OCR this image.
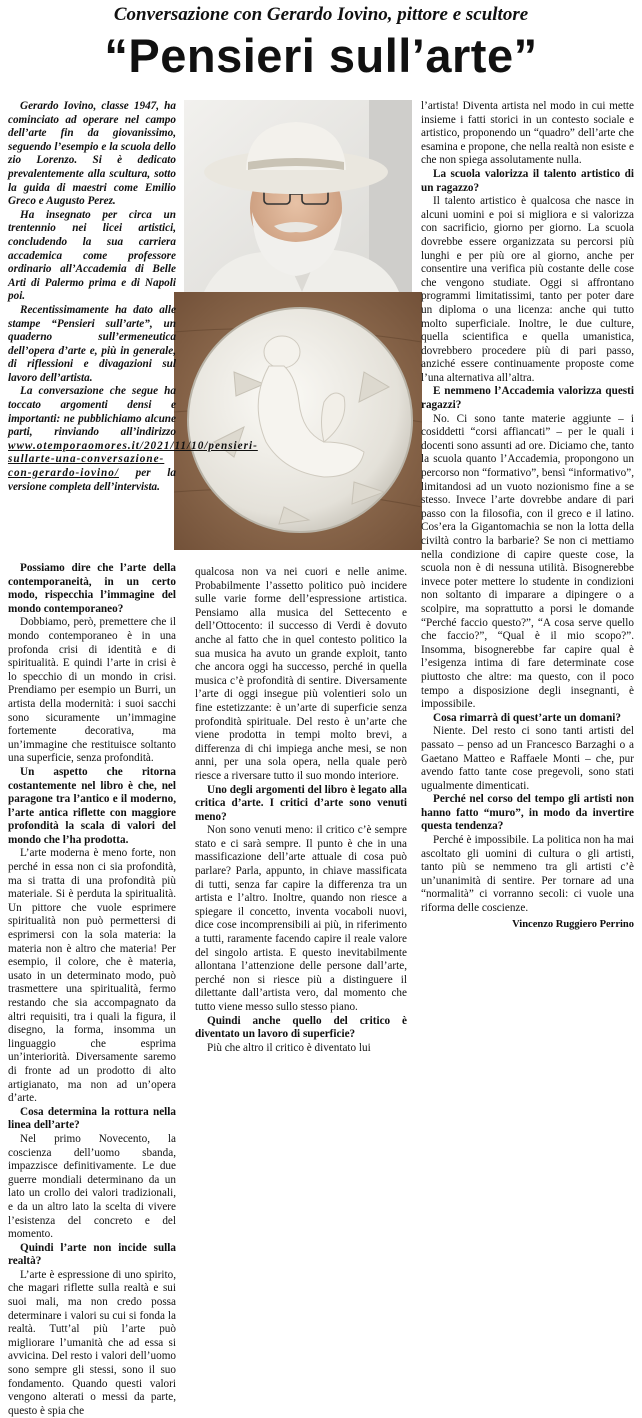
Conversazione con Gerardo Iovino, pittore e scultore
“Pensieri sull’arte”

Gerardo Iovino, classe 1947, ha cominciato ad operare nel campo dell’arte fin da giovanissimo, seguendo l’esempio e la scuola dello zio Lorenzo. Si è dedicato prevalentemente alla scultura, sotto la guida di maestri come Emilio Greco e Augusto Perez.

Ha insegnato per circa un trentennio nei licei artistici, concludendo la sua carriera accademica come professore ordinario all’Accademia di Belle Arti di Palermo prima e di Napoli poi.

Recentissimamente ha dato alle stampe “Pensieri sull’arte”, un quaderno sull’ermeneutica dell’opera d’arte e, più in generale, di riflessioni e divagazioni sul lavoro dell’artista.

La conversazione che segue ha toccato argomenti densi e importanti: ne pubblichiamo alcune parti, rinviando all’indirizzo www.otemporaomores.it/2021/11/10/pensieri-sullarte-una-conversazione-con-gerardo-iovino/ per la versione completa dell’intervista.

Possiamo dire che l’arte della contemporaneità, in un certo modo, rispecchia l’immagine del mondo contemporaneo?

Dobbiamo, però, premettere che il mondo contemporaneo è in una profonda crisi di identità e di spiritualità. E quindi l’arte in crisi è lo specchio di un mondo in crisi. Prendiamo per esempio un Burri, un artista della modernità: i suoi sacchi sono sicuramente un’immagine fortemente decorativa, ma un’immagine che restituisce soltanto una superficie, senza profondità.

Un aspetto che ritorna costantemente nel libro è che, nel paragone tra l’antico e il moderno, l’arte antica riflette con maggiore profondità la scala di valori del mondo che l’ha prodotta.

L’arte moderna è meno forte, non perché in essa non ci sia profondità, ma si tratta di una profondità più materiale. Si è perduta la spiritualità. Un pittore che vuole esprimere spiritualità non può permettersi di esprimersi con la sola materia: la materia non è altro che materia! Per esempio, il colore, che è materia, usato in un determinato modo, può trasmettere una spiritualità, fermo restando che sia accompagnato da altri requisiti, tra i quali la figura, il disegno, la forma, insomma un linguaggio che esprima un’interiorità. Diversamente saremo di fronte ad un prodotto di alto artigianato, ma non ad un’opera d’arte.

Cosa determina la rottura nella linea dell’arte?

Nel primo Novecento, la coscienza dell’uomo sbanda, impazzisce definitivamente. Le due guerre mondiali determinano da un lato un crollo dei valori tradizionali, e da un altro lato la scelta di vivere l’esistenza del concreto e del momento.

Quindi l’arte non incide sulla realtà?

L’arte è espressione di uno spirito, che magari riflette sulla realtà e sui suoi mali, ma non credo possa determinare i valori su cui si fonda la realtà. Tutt’al più l’arte può migliorare l’umanità che ad essa si avvicina. Del resto i valori dell’uomo sono sempre gli stessi, sono il suo fondamento. Quando questi valori vengono alterati o messi da parte, questo è spia che

qualcosa non va nei cuori e nelle anime. Probabilmente l’assetto politico può incidere sulle varie forme dell’espressione artistica. Pensiamo alla musica del Settecento e dell’Ottocento: il successo di Verdi è dovuto anche al fatto che in quel contesto politico la sua musica ha avuto un grande exploit, tanto che ancora oggi ha successo, perché in quella musica c’è profondità di sentire. Diversamente l’arte di oggi insegue più volentieri solo un fine estetizzante: è un’arte di superficie senza profondità spirituale. Del resto è un’arte che viene prodotta in tempi molto brevi, a differenza di chi impiega anche mesi, se non anni, per una sola opera, nella quale però riesce a riversare tutto il suo mondo interiore.

Uno degli argomenti del libro è legato alla critica d’arte. I critici d’arte sono venuti meno?

Non sono venuti meno: il critico c’è sempre stato e ci sarà sempre. Il punto è che in una massificazione dell’arte attuale di cosa può parlare? Parla, appunto, in chiave massificata di tutti, senza far capire la differenza tra un artista e l’altro. Inoltre, quando non riesce a spiegare il concetto, inventa vocaboli nuovi, dice cose incomprensibili ai più, in riferimento a tutti, raramente facendo capire il reale valore del singolo artista. E questo inevitabilmente allontana l’attenzione delle persone dall’arte, perché non si riesce più a distinguere il dilettante dall’artista vero, dal momento che tutto viene messo sullo stesso piano.

Quindi anche quello del critico è diventato un lavoro di superficie?

Più che altro il critico è diventato lui

l’artista! Diventa artista nel modo in cui mette insieme i fatti storici in un contesto sociale e artistico, proponendo un “quadro” dell’arte che esamina e propone, che nella realtà non esiste e che non spiega assolutamente nulla.

La scuola valorizza il talento artistico di un ragazzo?

Il talento artistico è qualcosa che nasce in alcuni uomini e poi si migliora e si valorizza con sacrificio, giorno per giorno. La scuola dovrebbe essere organizzata su percorsi più lunghi e per più ore al giorno, anche per consentire una verifica più costante delle cose che vengono studiate. Oggi si affrontano programmi limitatissimi, tanto per poter dare un diploma o una licenza: anche qui tutto molto superficiale. Inoltre, le due culture, quella scientifica e quella umanistica, dovrebbero procedere più di pari passo, anziché essere continuamente proposte come l’una alternativa all’altra.

E nemmeno l’Accademia valorizza questi ragazzi?

No. Ci sono tante materie aggiunte – i cosiddetti “corsi affiancati” – per le quali i docenti sono assunti ad ore. Diciamo che, tanto la scuola quanto l’Accademia, propongono un percorso non “formativo”, bensì “informativo”, limitandosi ad un vuoto nozionismo fine a se stesso. Invece l’arte dovrebbe andare di pari passo con la filosofia, con il greco e il latino. Cos’era la Gigantomachia se non la lotta della civiltà contro la barbarie? Se non ci mettiamo nella condizione di capire queste cose, la scuola non è di nessuna utilità. Bisognerebbe invece poter mettere lo studente in condizioni non soltanto di imparare a dipingere o a scolpire, ma soprattutto a porsi le domande “Perché faccio questo?”, “A cosa serve quello che faccio?”, “Qual è il mio scopo?”. Insomma, bisognerebbe far capire qual è l’esigenza intima di fare determinate cose piuttosto che altre: ma questo, con il poco tempo a disposizione degli insegnanti, è impossibile.

Cosa rimarrà di quest’arte un domani?

Niente. Del resto ci sono tanti artisti del passato – penso ad un Francesco Barzaghi o a Gaetano Matteo e Raffaele Monti – che, pur avendo fatto tante cose pregevoli, sono stati ugualmente dimenticati.

Perché nel corso del tempo gli artisti non hanno fatto “muro”, in modo da invertire questa tendenza?

Perché è impossibile. La politica non ha mai ascoltato gli uomini di cultura o gli artisti, tanto più se nemmeno tra gli artisti c’è un’unanimità di sentire. Per tornare ad una “normalità” ci vorranno secoli: ci vuole una riforma delle coscienze.

Vincenzo Ruggiero Perrino
